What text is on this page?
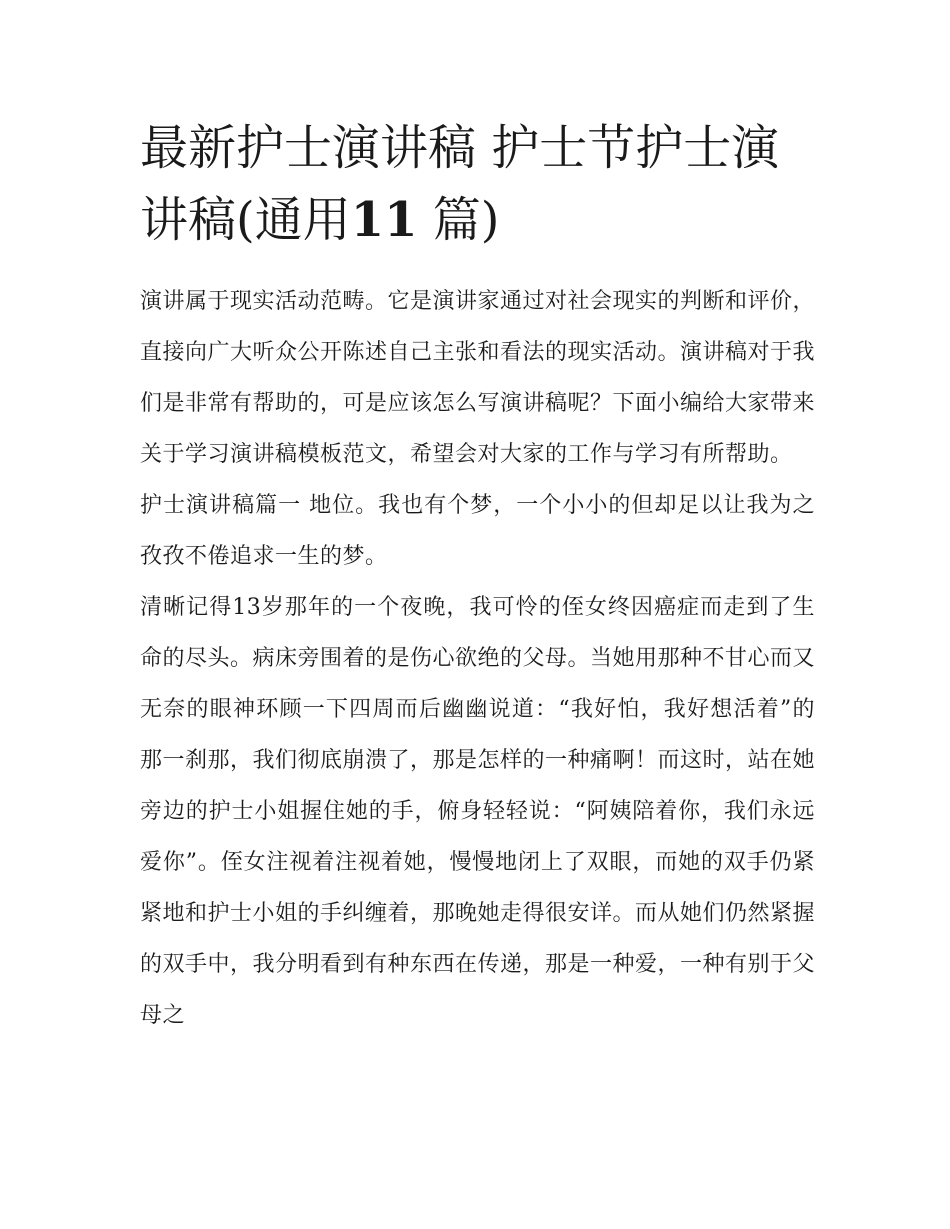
最新护士演讲稿 护士节护士演讲稿(通用11 篇)

演讲属于现实活动范畴。它是演讲家通过对社会现实的判断和评价，直接向广大听众公开陈述自己主张和看法的现实活动。演讲稿对于我们是非常有帮助的，可是应该怎么写演讲稿呢？下面小编给大家带来关于学习演讲稿模板范文，希望会对大家的工作与学习有所帮助。

护士演讲稿篇一 地位。我也有个梦，一个小小的但却足以让我为之孜孜不倦追求一生的梦。

清晰记得13岁那年的一个夜晚，我可怜的侄女终因癌症而走到了生命的尽头。病床旁围着的是伤心欲绝的父母。当她用那种不甘心而又无奈的眼神环顾一下四周而后幽幽说道：“我好怕，我好想活着”的那一刹那，我们彻底崩溃了，那是怎样的一种痛啊！而这时，站在她旁边的护士小姐握住她的手，俯身轻轻说：“阿姨陪着你，我们永远爱你”。侄女注视着注视着她，慢慢地闭上了双眼，而她的双手仍紧紧地和护士小姐的手纠缠着，那晚她走得很安详。而从她们仍然紧握的双手中，我分明看到有种东西在传递，那是一种爱，一种有别于父母之
